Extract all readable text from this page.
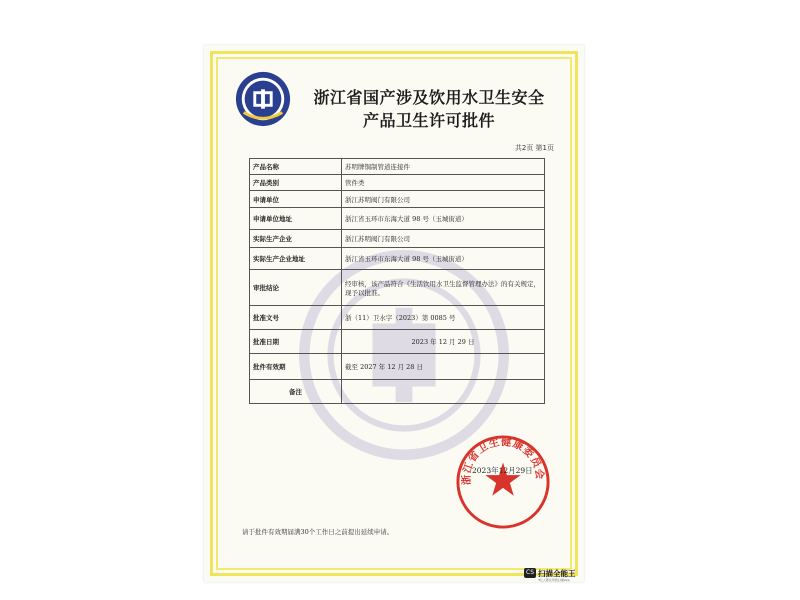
浙江省国产涉及饮用水卫生安全
产品卫生许可批件
共2页 第1页
产品名称	苏明牌铜制管道连接件
产品类别	管件类
申请单位	浙江苏明阀门有限公司
申请单位地址	浙江省玉环市东海大道 98 号（玉城街道）
实际生产企业	浙江苏明阀门有限公司
实际生产企业地址	浙江省玉环市东海大道 98 号（玉城街道）
审批结论	经审核，该产品符合《生活饮用水卫生监督管理办法》的有关规定，现予以批准。
批准文号	浙（11）卫水字（2023）第 0085 号
批准日期	2023 年 12 月 29 日
批件有效期	截至 2027 年 12 月 28 日
备注	
浙江省卫生健康委员会
2023年12月29日
请于批件有效期届满30个工作日之前提出延续申请。
CS 扫描全能王
3亿人都在用的扫描App
